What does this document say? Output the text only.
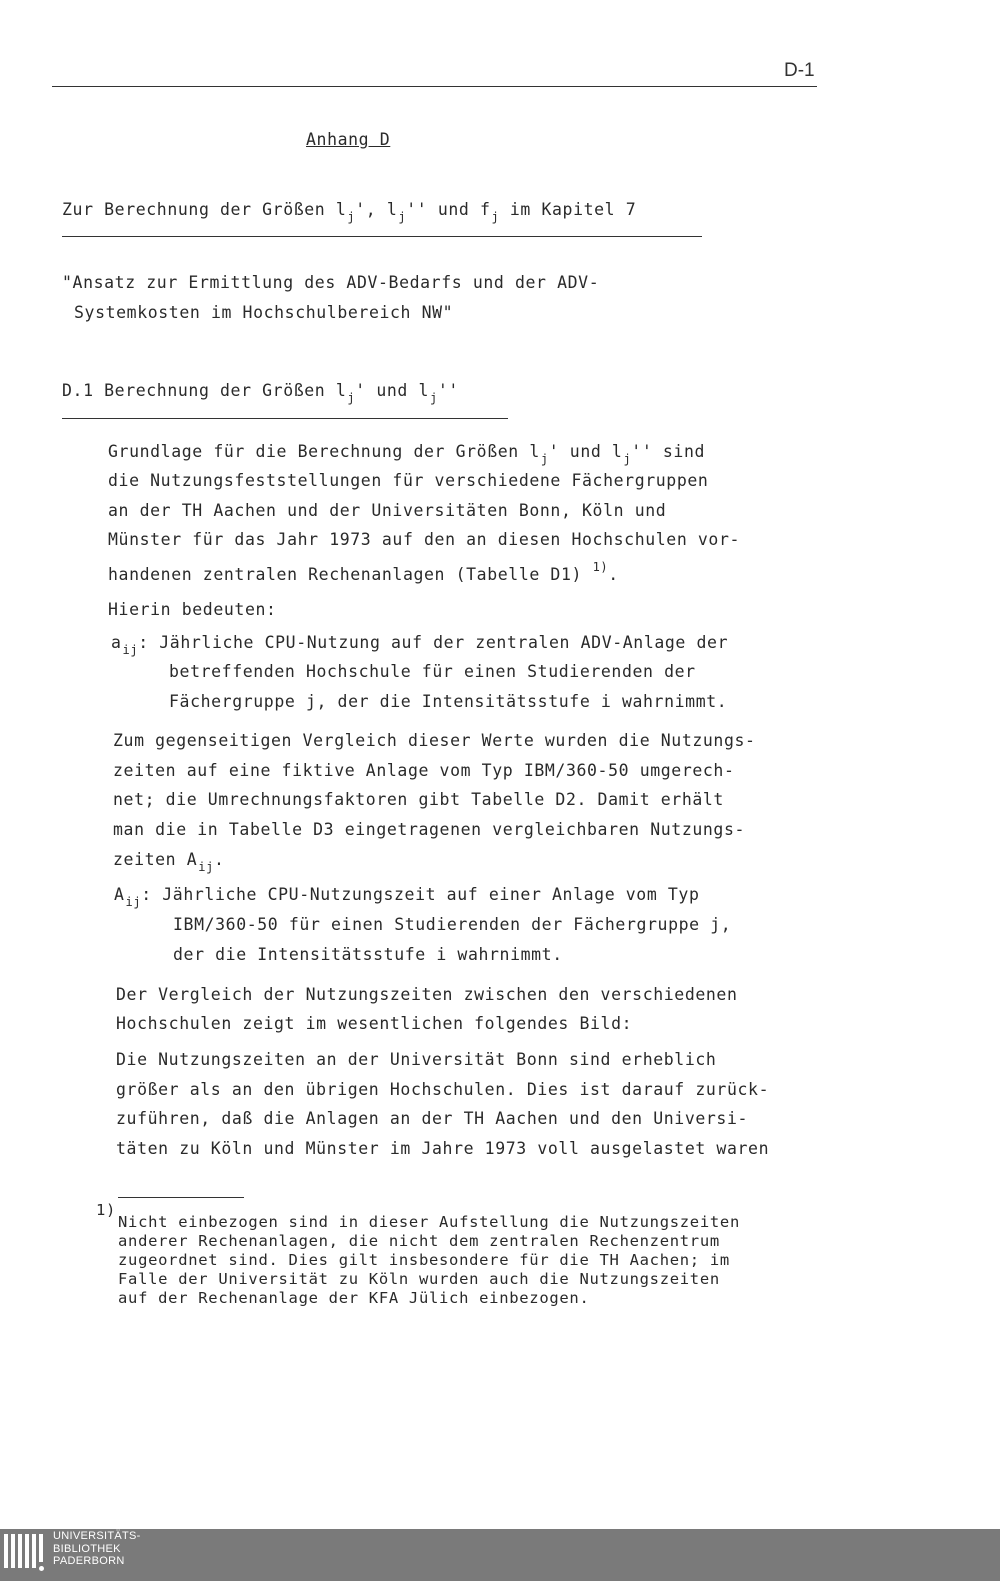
D-1
Anhang D
Zur Berechnung der Größen $l_j'$, $l_j''$ und $f_j$ im Kapitel 7
"Ansatz zur Ermittlung des ADV-Bedarfs und der ADV-
Systemkosten im Hochschulbereich NW"
D.1 Berechnung der Größen $l_j'$ und $l_j''$
Grundlage für die Berechnung der Größen $l_j'$ und $l_j''$ sind
die Nutzungsfeststellungen für verschiedene Fächergruppen
an der TH Aachen und der Universitäten Bonn, Köln und
Münster für das Jahr 1973 auf den an diesen Hochschulen vor-
handenen zentralen Rechenanlagen (Tabelle D1) $^{1)}$.
Hierin bedeuten:
$a_{ij}$: Jährliche CPU-Nutzung auf der zentralen ADV-Anlage der
betreffenden Hochschule für einen Studierenden der
Fächergruppe j, der die Intensitätsstufe i wahrnimmt.
Zum gegenseitigen Vergleich dieser Werte wurden die Nutzungs-
zeiten auf eine fiktive Anlage vom Typ IBM/360-50 umgerech-
net; die Umrechnungsfaktoren gibt Tabelle D2. Damit erhält
man die in Tabelle D3 eingetragenen vergleichbaren Nutzungs-
zeiten $A_{ij}$.
$A_{ij}$: Jährliche CPU-Nutzungszeit auf einer Anlage vom Typ
IBM/360-50 für einen Studierenden der Fächergruppe j,
der die Intensitätsstufe i wahrnimmt.
Der Vergleich der Nutzungszeiten zwischen den verschiedenen
Hochschulen zeigt im wesentlichen folgendes Bild:
Die Nutzungszeiten an der Universität Bonn sind erheblich
größer als an den übrigen Hochschulen. Dies ist darauf zurück-
zuführen, daß die Anlagen an der TH Aachen und den Universi-
täten zu Köln und Münster im Jahre 1973 voll ausgelastet waren
1)
Nicht einbezogen sind in dieser Aufstellung die Nutzungszeiten
anderer Rechenanlagen, die nicht dem zentralen Rechenzentrum
zugeordnet sind. Dies gilt insbesondere für die TH Aachen; im
Falle der Universität zu Köln wurden auch die Nutzungszeiten
auf der Rechenanlage der KFA Jülich einbezogen.
UNIVERSITÄTS-
BIBLIOTHEK
PADERBORN
